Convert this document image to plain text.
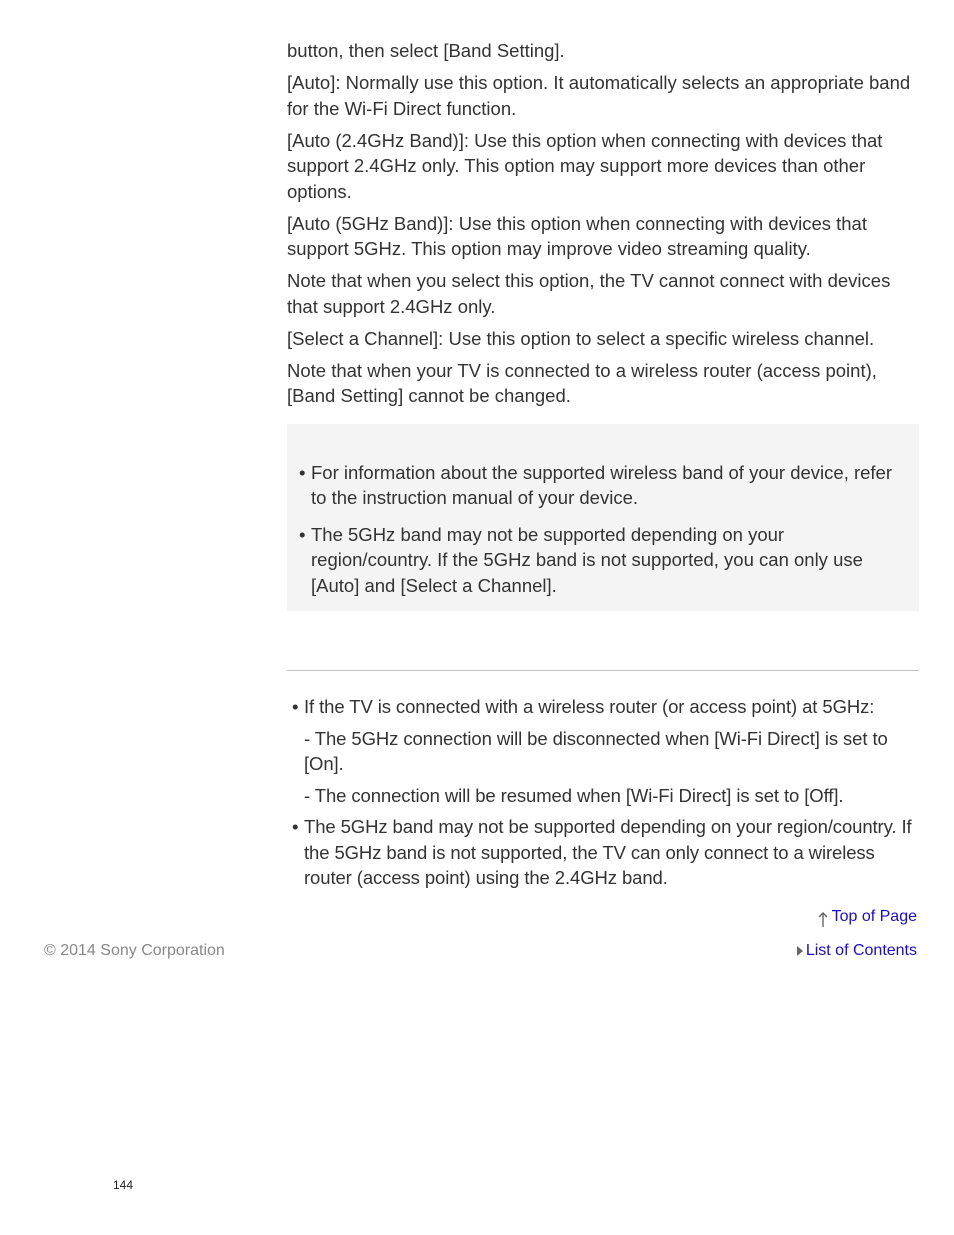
button, then select [Band Setting].

[Auto]: Normally use this option. It automatically selects an appropriate band for the Wi-Fi Direct function.

[Auto (2.4GHz Band)]: Use this option when connecting with devices that support 2.4GHz only. This option may support more devices than other options.

[Auto (5GHz Band)]: Use this option when connecting with devices that support 5GHz. This option may improve video streaming quality.

Note that when you select this option, the TV cannot connect with devices that support 2.4GHz only.

[Select a Channel]: Use this option to select a specific wireless channel.

Note that when your TV is connected to a wireless router (access point), [Band Setting] cannot be changed.

• For information about the supported wireless band of your device, refer to the instruction manual of your device.
• The 5GHz band may not be supported depending on your region/country. If the 5GHz band is not supported, you can only use [Auto] and [Select a Channel].
• If the TV is connected with a wireless router (or access point) at 5GHz:
- The 5GHz connection will be disconnected when [Wi-Fi Direct] is set to [On].
- The connection will be resumed when [Wi-Fi Direct] is set to [Off].
• The 5GHz band may not be supported depending on your region/country. If the 5GHz band is not supported, the TV can only connect to a wireless router (access point) using the 2.4GHz band.
Top of Page
© 2014 Sony Corporation	List of Contents
144
